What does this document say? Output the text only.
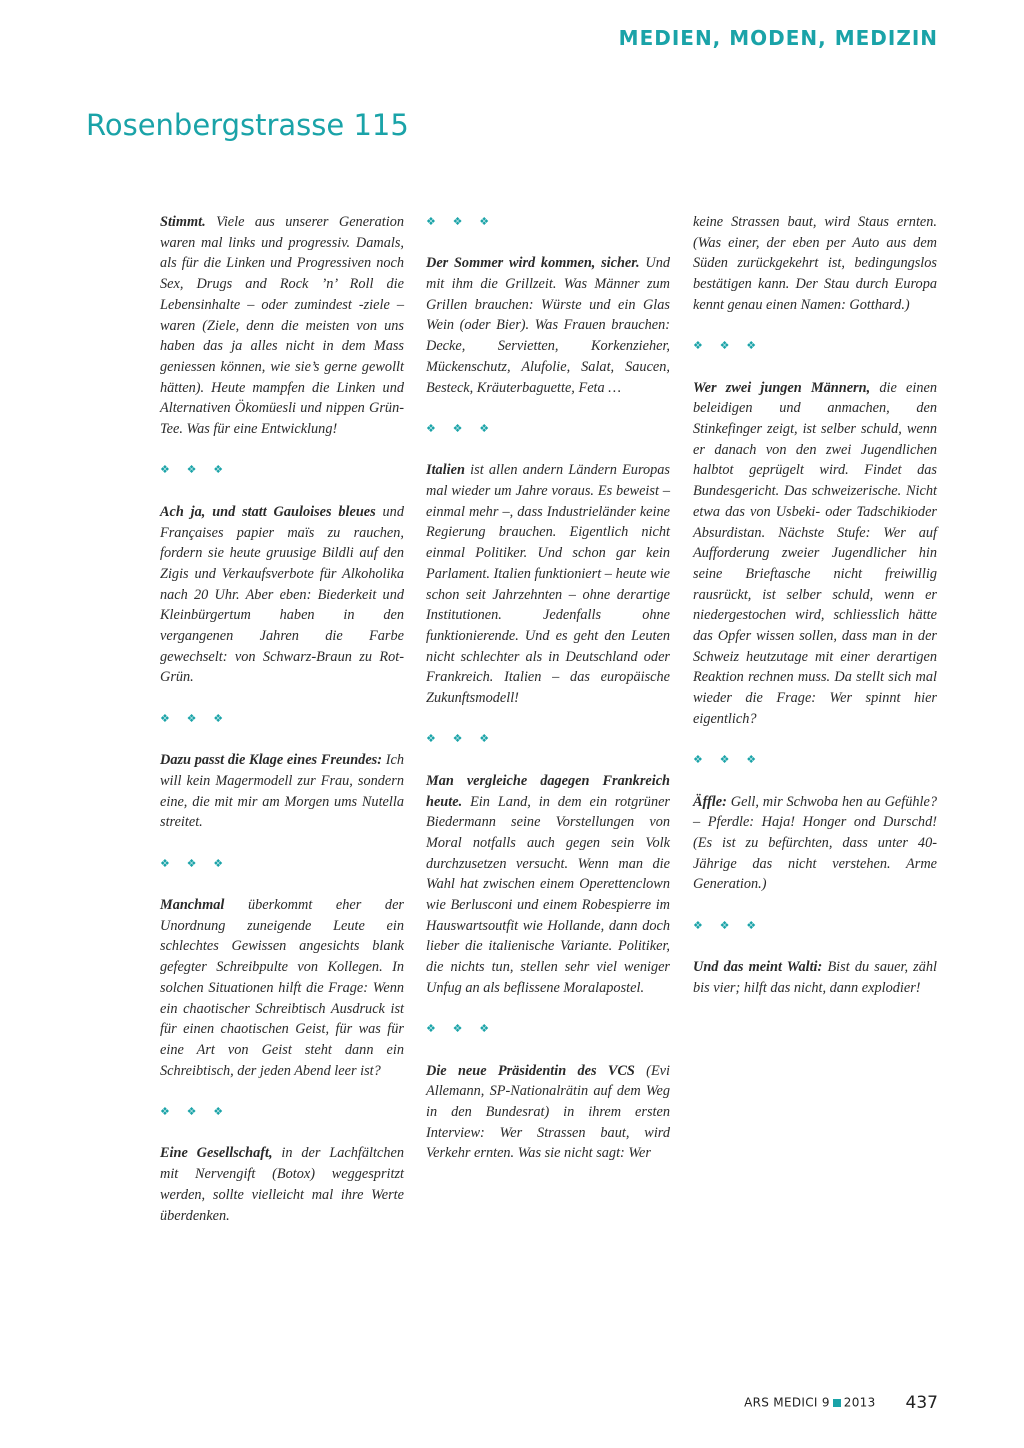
MEDIEN, MODEN, MEDIZIN
Rosenbergstrasse 115

Stimmt. Viele aus unserer Generation waren mal links und progressiv. Damals, als für die Linken und Progressiven noch Sex, Drugs and Rock ’n’ Roll die Lebensinhalte – oder zumindest -ziele – waren (Ziele, denn die meisten von uns haben das ja alles nicht in dem Mass geniessen können, wie sie’s gerne gewollt hätten). Heute mampfen die Linken und Alternativen Ökomüesli und nippen Grün-Tee. Was für eine Entwicklung!

❖ ❖ ❖

Ach ja, und statt Gauloises bleues und Françaises papier maïs zu rauchen, fordern sie heute gruusige Bildli auf den Zigis und Verkaufsverbote für Alkoholika nach 20 Uhr. Aber eben: Biederkeit und Kleinbürgertum haben in den vergangenen Jahren die Farbe gewechselt: von Schwarz-Braun zu Rot-Grün.

❖ ❖ ❖

Dazu passt die Klage eines Freundes: Ich will kein Magermodell zur Frau, sondern eine, die mit mir am Morgen ums Nutella streitet.

❖ ❖ ❖

Manchmal überkommt eher der Unordnung zuneigende Leute ein schlechtes Gewissen angesichts blank gefegter Schreibpulte von Kollegen. In solchen Situationen hilft die Frage: Wenn ein chaotischer Schreibtisch Ausdruck ist für einen chaotischen Geist, für was für eine Art von Geist steht dann ein Schreibtisch, der jeden Abend leer ist?

❖ ❖ ❖

Eine Gesellschaft, in der Lachfältchen mit Nervengift (Botox) weggespritzt werden, sollte vielleicht mal ihre Werte überdenken.

❖ ❖ ❖

Der Sommer wird kommen, sicher. Und mit ihm die Grillzeit. Was Männer zum Grillen brauchen: Würste und ein Glas Wein (oder Bier). Was Frauen brauchen: Decke, Servietten, Korkenzieher, Mückenschutz, Alufolie, Salat, Saucen, Besteck, Kräuterbaguette, Feta …

❖ ❖ ❖

Italien ist allen andern Ländern Europas mal wieder um Jahre voraus. Es beweist – einmal mehr –, dass Industrieländer keine Regierung brauchen. Eigentlich nicht einmal Politiker. Und schon gar kein Parlament. Italien funktioniert – heute wie schon seit Jahrzehnten – ohne derartige Institutionen. Jedenfalls ohne funktionierende. Und es geht den Leuten nicht schlechter als in Deutschland oder Frankreich. Italien – das europäische Zukunftsmodell!

❖ ❖ ❖

Man vergleiche dagegen Frankreich heute. Ein Land, in dem ein rotgrüner Biedermann seine Vorstellungen von Moral notfalls auch gegen sein Volk durchzusetzen versucht. Wenn man die Wahl hat zwischen einem Operettenclown wie Berlusconi und einem Robespierre im Hauswartsoutfit wie Hollande, dann doch lieber die italienische Variante. Politiker, die nichts tun, stellen sehr viel weniger Unfug an als beflissene Moralapostel.

❖ ❖ ❖

Die neue Präsidentin des VCS (Evi Allemann, SP-Nationalrätin auf dem Weg in den Bundesrat) in ihrem ersten Interview: Wer Strassen baut, wird Verkehr ernten. Was sie nicht sagt: Wer

keine Strassen baut, wird Staus ernten. (Was einer, der eben per Auto aus dem Süden zurückgekehrt ist, bedingungslos bestätigen kann. Der Stau durch Europa kennt genau einen Namen: Gotthard.)

❖ ❖ ❖

Wer zwei jungen Männern, die einen beleidigen und anmachen, den Stinkefinger zeigt, ist selber schuld, wenn er danach von den zwei Jugendlichen halbtot geprügelt wird. Findet das Bundesgericht. Das schweizerische. Nicht etwa das von Usbeki- oder Tadschikioder Absurdistan. Nächste Stufe: Wer auf Aufforderung zweier Jugendlicher hin seine Brieftasche nicht freiwillig rausrückt, ist selber schuld, wenn er niedergestochen wird, schliesslich hätte das Opfer wissen sollen, dass man in der Schweiz heutzutage mit einer derartigen Reaktion rechnen muss. Da stellt sich mal wieder die Frage: Wer spinnt hier eigentlich?

❖ ❖ ❖

Äffle: Gell, mir Schwoba hen au Gefühle? – Pferdle: Haja! Honger ond Durschd! (Es ist zu befürchten, dass unter 40-Jährige das nicht verstehen. Arme Generation.)

❖ ❖ ❖

Und das meint Walti: Bist du sauer, zähl bis vier; hilft das nicht, dann explodier!

ARS MEDICI 9 2013 437
